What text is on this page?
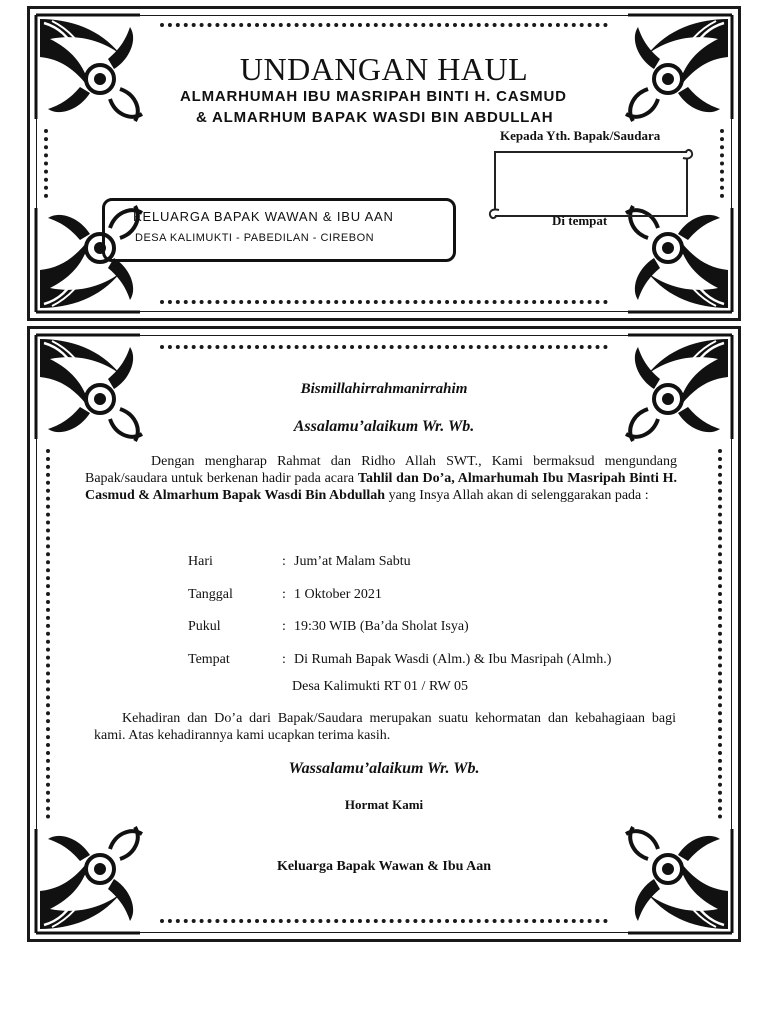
UNDANGAN HAUL
ALMARHUMAH IBU MASRIPAH BINTI H. CASMUD
& ALMARHUM BAPAK WASDI BIN ABDULLAH
Kepada Yth. Bapak/Saudara
Di tempat
KELUARGA BAPAK WAWAN & IBU AAN
DESA KALIMUKTI - PABEDILAN - CIREBON
Bismillahirrahmanirrahim
Assalamu’alaikum Wr. Wb.
Dengan mengharap Rahmat dan Ridho Allah SWT., Kami bermaksud mengundang Bapak/saudara untuk berkenan hadir pada acara Tahlil dan Do’a, Almarhumah Ibu Masripah Binti H. Casmud & Almarhum Bapak Wasdi Bin Abdullah yang Insya Allah akan di selenggarakan pada :
Hari	: Jum’at Malam Sabtu
Tanggal	: 1 Oktober 2021
Pukul	: 19:30 WIB (Ba’da Sholat Isya)
Tempat	: Di Rumah Bapak Wasdi (Alm.) & Ibu Masripah (Almh.)
Desa Kalimukti RT 01 / RW 05
Kehadiran dan Do’a dari Bapak/Saudara merupakan suatu kehormatan dan kebahagiaan bagi kami. Atas kehadirannya kami ucapkan terima kasih.
Wassalamu’alaikum Wr. Wb.
Hormat Kami
Keluarga Bapak Wawan & Ibu Aan
